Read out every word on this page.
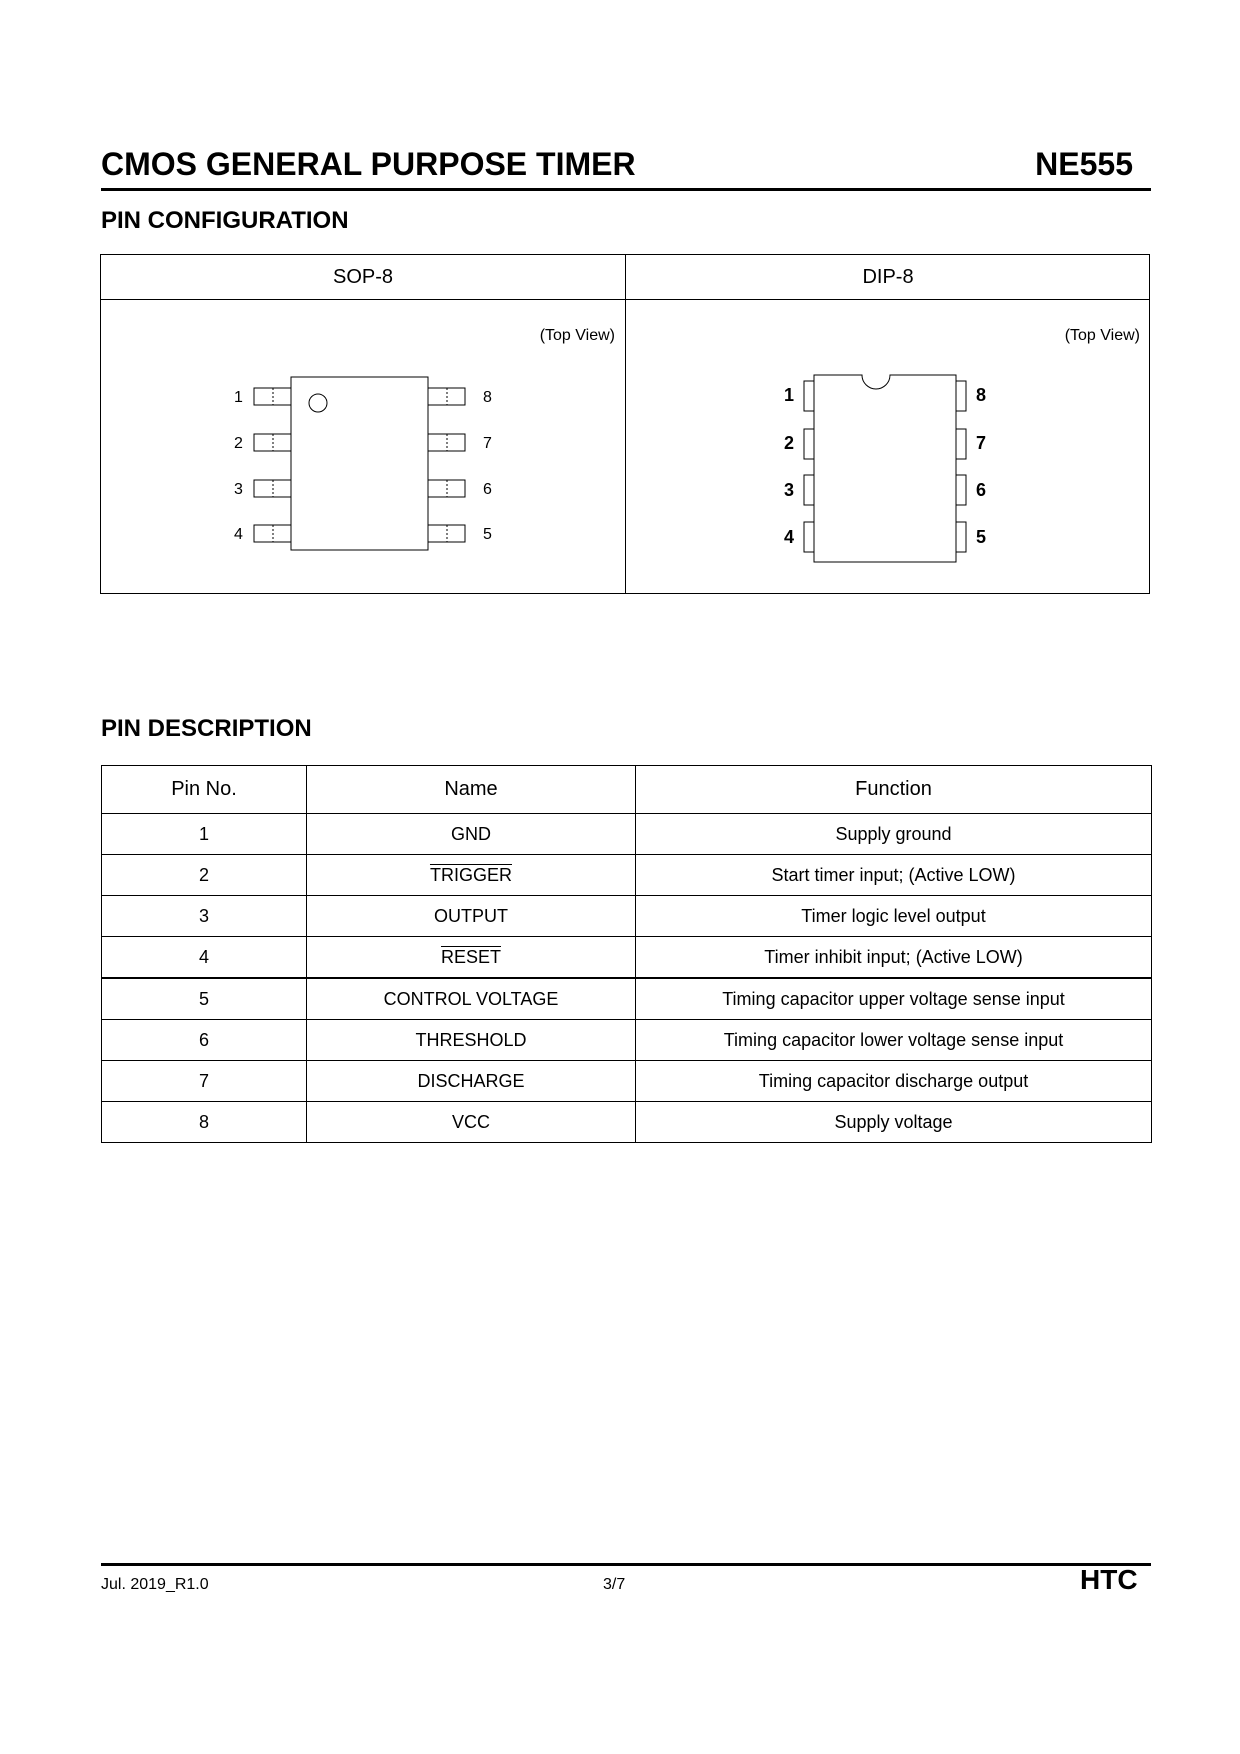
CMOS GENERAL PURPOSE TIMER	NE555
PIN CONFIGURATION
SOP-8
(Top View)
1
2
3
4
8
7
6
5
DIP-8
(Top View)
1
2
3
4
8
7
6
5
PIN DESCRIPTION
Pin No.	Name	Function
1	GND	Supply ground
2	TRIGGER	Start timer input; (Active LOW)
3	OUTPUT	Timer logic level output
4	RESET	Timer inhibit input; (Active LOW)
5	CONTROL VOLTAGE	Timing capacitor upper voltage sense input
6	THRESHOLD	Timing capacitor lower voltage sense input
7	DISCHARGE	Timing capacitor discharge output
8	VCC	Supply voltage
Jul. 2019_R1.0	3/7	HTC
